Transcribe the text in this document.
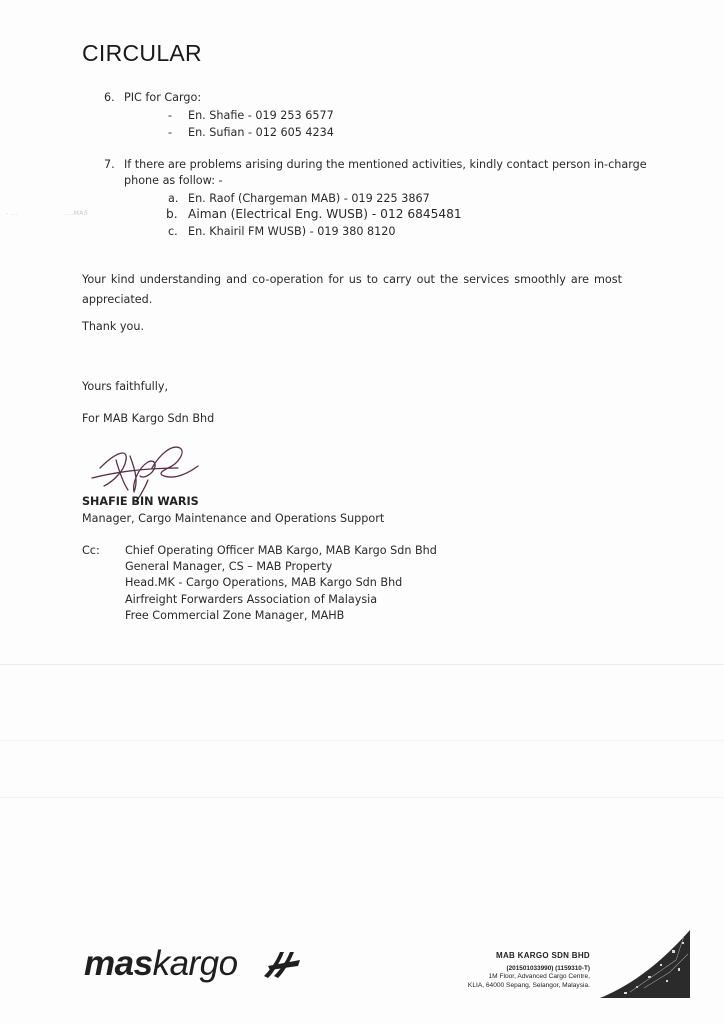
CIRCULAR
6. PIC for Cargo:
- En. Shafie - 019 253 6577
- En. Sufian - 012 605 4234
7. If there are problems arising during the mentioned activities, kindly contact person in-charge
phone as follow: -
a. En. Raof (Chargeman MAB) - 019 225 3867
b. Aiman (Electrical Eng. WUSB) - 012 6845481
c. En. Khairil FM WUSB) - 019 380 8120
- ...	....MAS
Your kind understanding and co-operation for us to carry out the services smoothly are most appreciated.
Thank you.
Yours faithfully,
For MAB Kargo Sdn Bhd
SHAFIE BIN WARIS
Manager, Cargo Maintenance and Operations Support
Cc: Chief Operating Officer MAB Kargo, MAB Kargo Sdn Bhd
General Manager, CS – MAB Property
Head.MK - Cargo Operations, MAB Kargo Sdn Bhd
Airfreight Forwarders Association of Malaysia
Free Commercial Zone Manager, MAHB
maskargo	MAB KARGO SDN BHD
(201501033990) (1159310-T)
1M Floor, Advanced Cargo Centre,
KLIA, 64000 Sepang, Selangor, Malaysia.
